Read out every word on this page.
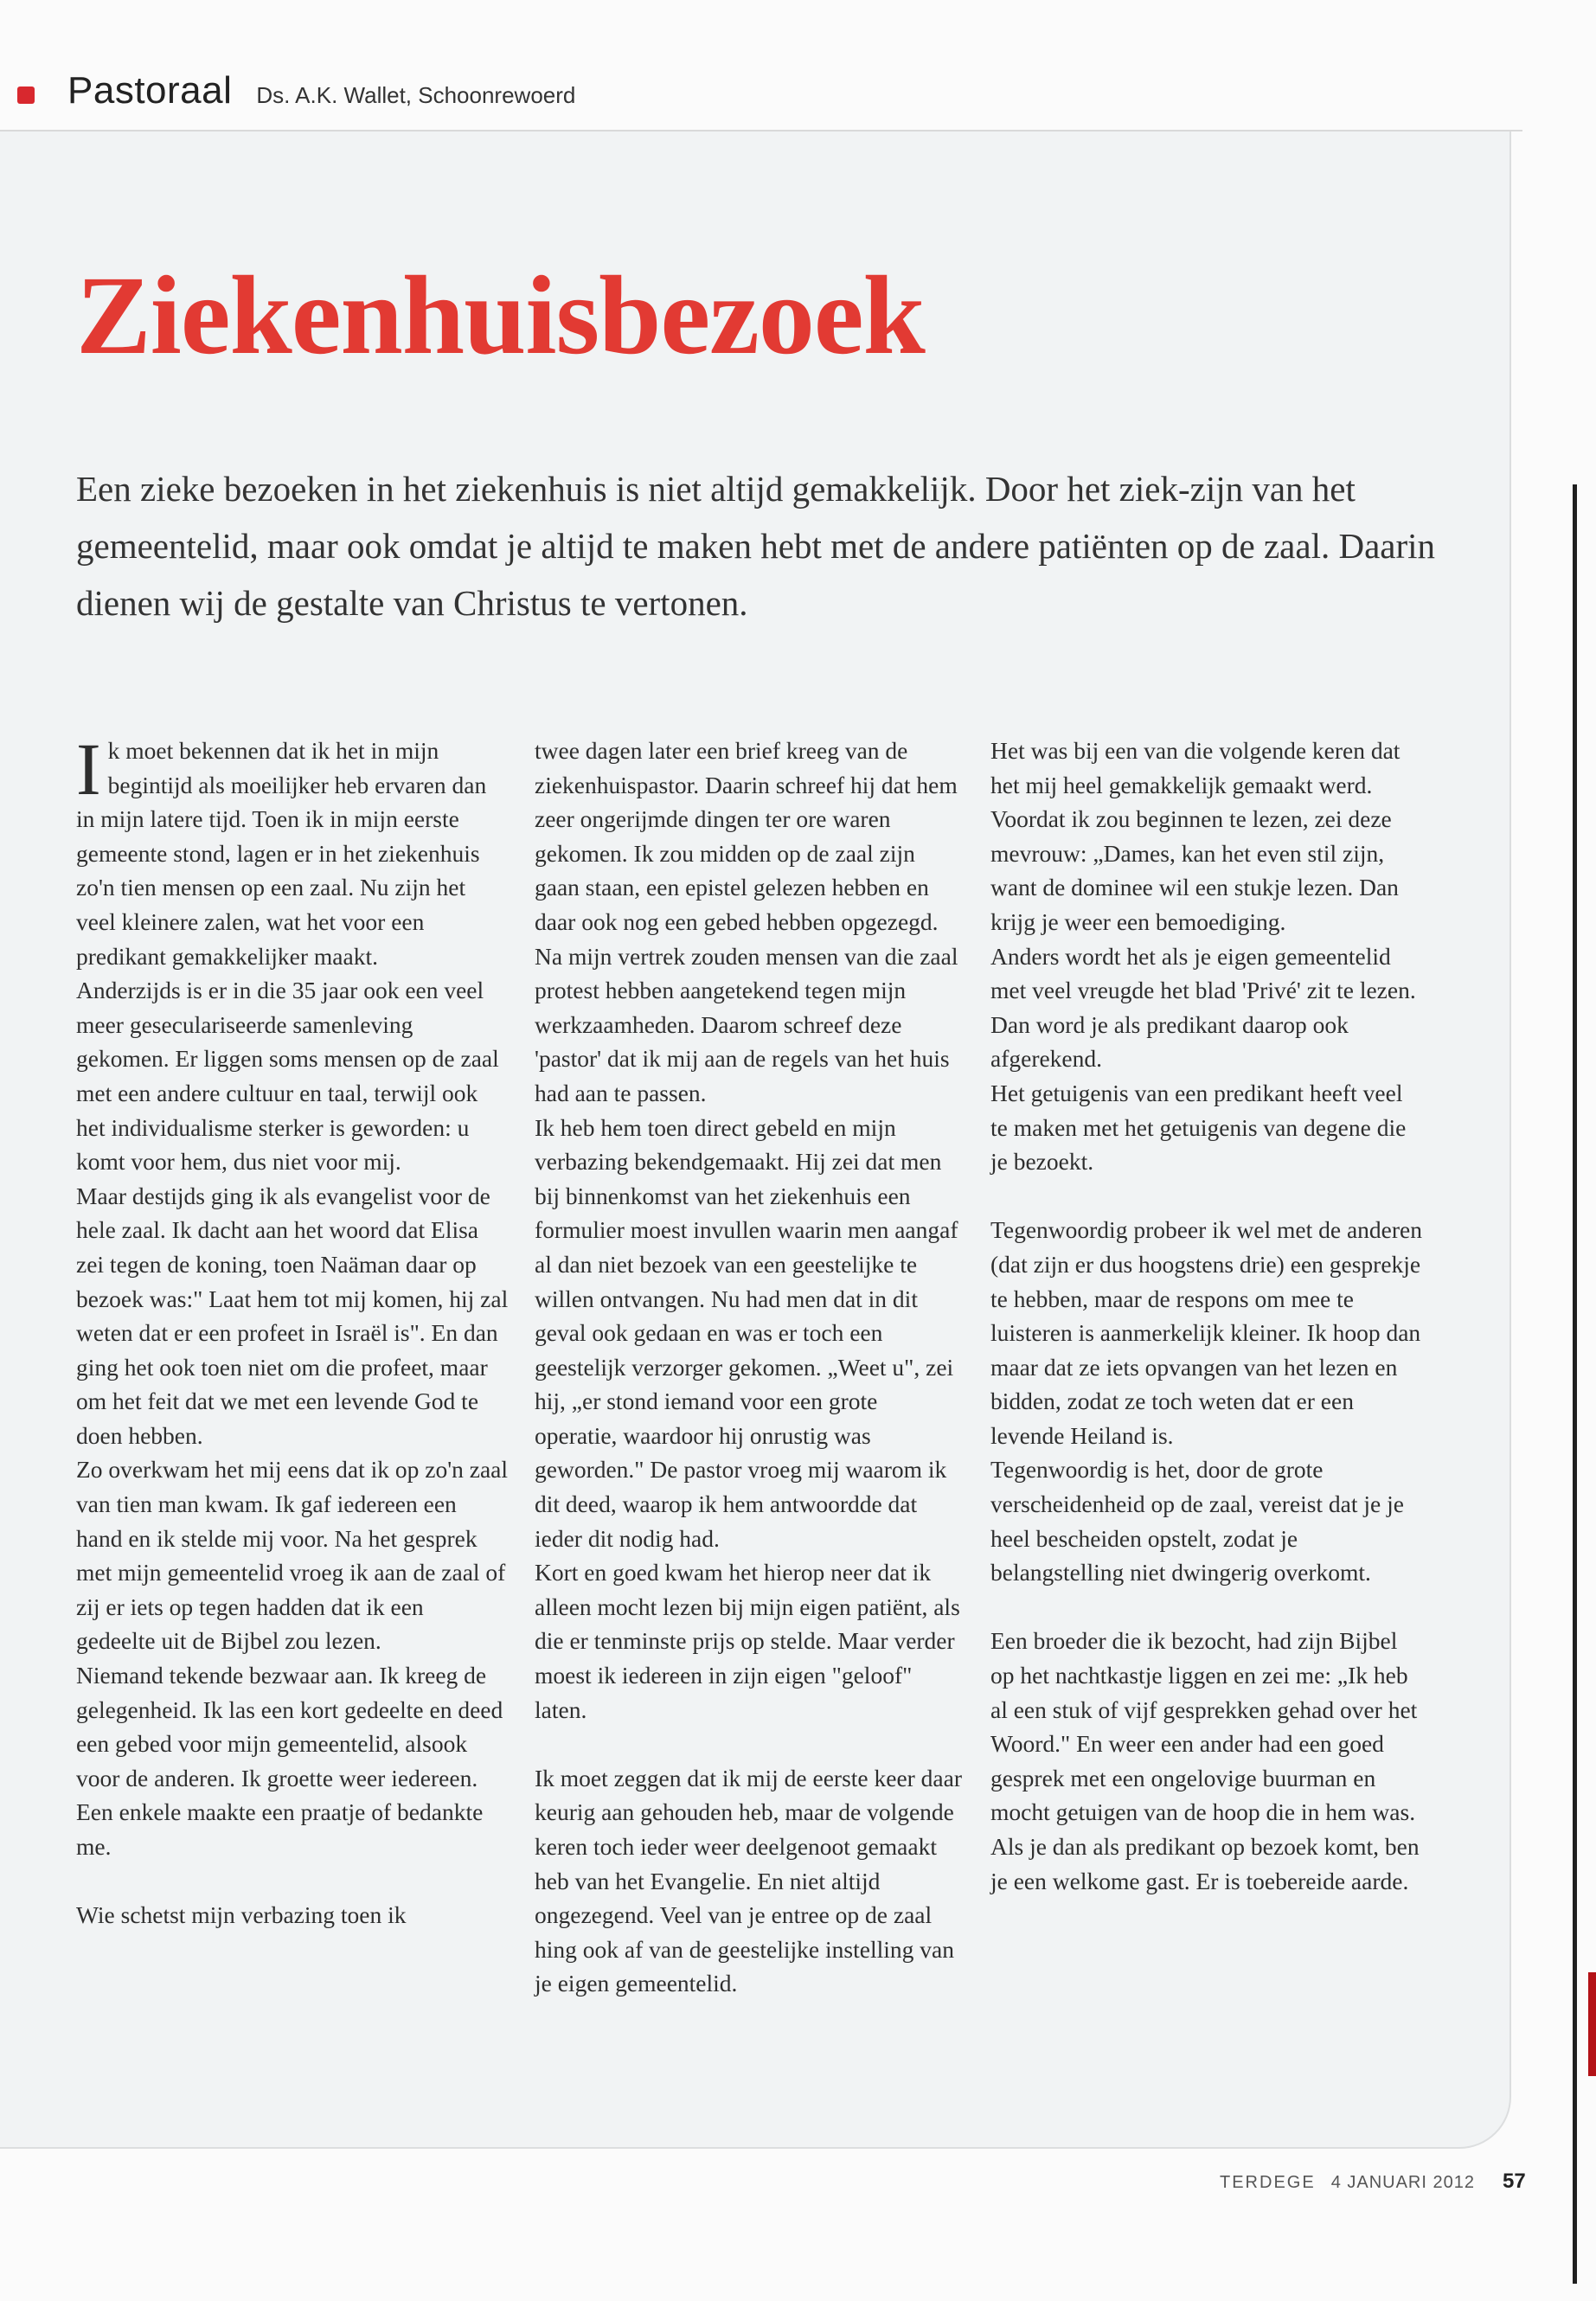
Pastoraal Ds. A.K. Wallet, Schoonrewoerd
Ziekenhuisbezoek

Een zieke bezoeken in het ziekenhuis is niet altijd gemakkelijk. Door het ziek-zijn van het gemeentelid, maar ook omdat je altijd te maken hebt met de andere patiënten op de zaal. Daarin dienen wij de gestalte van Christus te vertonen.

Ik moet bekennen dat ik het in mijn begintijd als moeilijker heb ervaren dan in mijn latere tijd. Toen ik in mijn eerste gemeente stond, lagen er in het ziekenhuis zo'n tien mensen op een zaal. Nu zijn het veel kleinere zalen, wat het voor een predikant gemakkelijker maakt.

Anderzijds is er in die 35 jaar ook een veel meer geseculariseerde samenleving gekomen. Er liggen soms mensen op de zaal met een andere cultuur en taal, terwijl ook het individualisme sterker is geworden: u komt voor hem, dus niet voor mij.

Maar destijds ging ik als evangelist voor de hele zaal. Ik dacht aan het woord dat Elisa zei tegen de koning, toen Naäman daar op bezoek was:" Laat hem tot mij komen, hij zal weten dat er een profeet in Israël is". En dan ging het ook toen niet om die profeet, maar om het feit dat we met een levende God te doen hebben.

Zo overkwam het mij eens dat ik op zo'n zaal van tien man kwam. Ik gaf iedereen een hand en ik stelde mij voor. Na het gesprek met mijn gemeentelid vroeg ik aan de zaal of zij er iets op tegen hadden dat ik een gedeelte uit de Bijbel zou lezen.

Niemand tekende bezwaar aan. Ik kreeg de gelegenheid. Ik las een kort gedeelte en deed een gebed voor mijn gemeentelid, alsook voor de anderen. Ik groette weer iedereen. Een enkele maakte een praatje of bedankte me.

Wie schetst mijn verbazing toen ik

twee dagen later een brief kreeg van de ziekenhuispastor. Daarin schreef hij dat hem zeer ongerijmde dingen ter ore waren gekomen. Ik zou midden op de zaal zijn gaan staan, een epistel gelezen hebben en daar ook nog een gebed hebben opgezegd.

Na mijn vertrek zouden mensen van die zaal protest hebben aangetekend tegen mijn werkzaamheden. Daarom schreef deze 'pastor' dat ik mij aan de regels van het huis had aan te passen.

Ik heb hem toen direct gebeld en mijn verbazing bekendgemaakt. Hij zei dat men bij binnenkomst van het ziekenhuis een formulier moest invullen waarin men aangaf al dan niet bezoek van een geestelijke te willen ontvangen. Nu had men dat in dit geval ook gedaan en was er toch een geestelijk verzorger gekomen. „Weet u", zei hij, „er stond iemand voor een grote operatie, waardoor hij onrustig was geworden." De pastor vroeg mij waarom ik dit deed, waarop ik hem antwoordde dat ieder dit nodig had.

Kort en goed kwam het hierop neer dat ik alleen mocht lezen bij mijn eigen patiënt, als die er tenminste prijs op stelde. Maar verder moest ik iedereen in zijn eigen "geloof" laten.

Ik moet zeggen dat ik mij de eerste keer daar keurig aan gehouden heb, maar de volgende keren toch ieder weer deelgenoot gemaakt heb van het Evangelie. En niet altijd ongezegend. Veel van je entree op de zaal hing ook af van de geestelijke instelling van je eigen gemeentelid.

Het was bij een van die volgende keren dat het mij heel gemakkelijk gemaakt werd. Voordat ik zou beginnen te lezen, zei deze mevrouw: „Dames, kan het even stil zijn, want de dominee wil een stukje lezen. Dan krijg je weer een bemoediging.

Anders wordt het als je eigen gemeentelid met veel vreugde het blad 'Privé' zit te lezen. Dan word je als predikant daarop ook afgerekend.

Het getuigenis van een predikant heeft veel te maken met het getuigenis van degene die je bezoekt.

Tegenwoordig probeer ik wel met de anderen (dat zijn er dus hoogstens drie) een gesprekje te hebben, maar de respons om mee te luisteren is aanmerkelijk kleiner. Ik hoop dan maar dat ze iets opvangen van het lezen en bidden, zodat ze toch weten dat er een levende Heiland is.

Tegenwoordig is het, door de grote verscheidenheid op de zaal, vereist dat je je heel bescheiden opstelt, zodat je belangstelling niet dwingerig overkomt.

Een broeder die ik bezocht, had zijn Bijbel op het nachtkastje liggen en zei me: „Ik heb al een stuk of vijf gesprekken gehad over het Woord." En weer een ander had een goed gesprek met een ongelovige buurman en mocht getuigen van de hoop die in hem was.

Als je dan als predikant op bezoek komt, ben je een welkome gast. Er is toebereide aarde.

TERDEGE 4 JANUARI 2012 57
